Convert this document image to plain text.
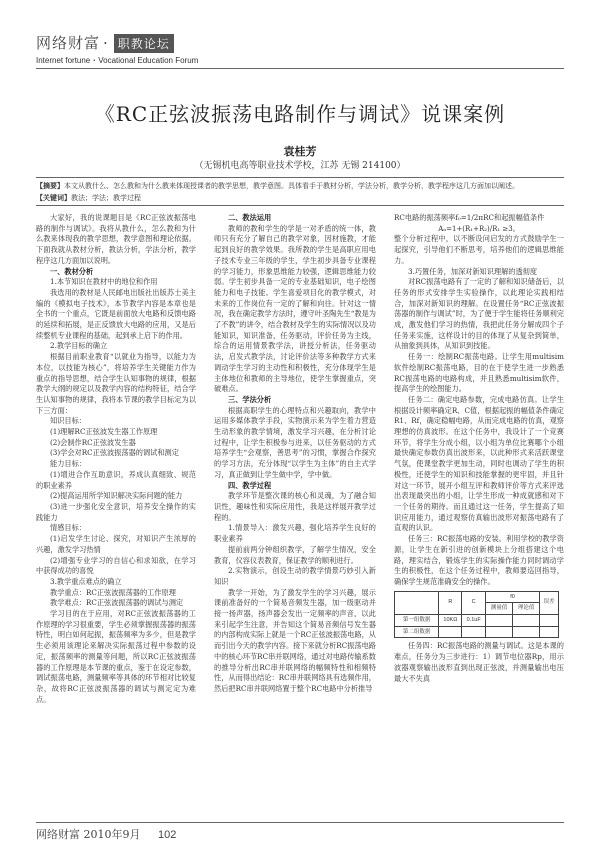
网络财富 · 职教论坛
Internet fortune・Vocational Education Forum
《RC正弦波振荡电路制作与调试》说课案例
袁桂芳
（无锡机电高等职业技术学校，江苏 无锡 214100）
【摘要】本文从教什么、怎么教和为什么教来体现授课者的教学思想，教学意图。具体看手于教材分析，学法分析，教学分析，教学程序这几方面加以阐述。
【关键词】教法；学法；教学过程

大家好，我的说课题目是《RC正弦波振荡电路的制作与调试》。我将从教什么，怎么教和为什么教来体现我的教学思想，教学意图和理论依据。下面我就从教材分析，教法分析，学法分析，教学程序这几方面加以说明。

一、教材分析

1.本节知识在教材中的地位和作用

我选用的教材是人民邮电出版社出版苏士美主编的《模拟电子技术》，本节教学内容是本章也是全书的一个重点，它既是前面放大电路和反馈电路的延续和拓展，是正反馈放大电路的应用，又是后续整机专业课程的基础，起到承上启下的作用。

2.教学目标的确立

根据目前职业教育“以就业为指导，以能力为本位，以技能为核心”，将培养学生关键能力作为重点的指导思想，结合学生认知事物的规律，根据教学大纲的规定以及教学内容的结构特征，结合学生认知事物的规律，我将本节课的教学目标定为以下三方面：

知识目标：

(1)理解RC正弦波发生器工作原理

(2)会制作RC正弦波发生器

(3)学会对RC正弦波振荡器的调试和测定

能力目标：

(1)增进合作互助意识，养成认真细致、规范的职业素养

(2)提高运用所学知识解决实际问题的能力

(3)进一步强化安全意识，培养安全操作的实践能力

情感目标：

(1)启发学生讨论、探究，对知识产生浓厚的兴趣，激发学习热情

(2)增强专业学习的自信心和求知欲，在学习中获得成功的喜悦

3.教学重点难点的确立

教学重点：RC正弦波振荡器的工作原理

教学难点：RC正弦波振荡器的调试与测定

学习目的在于应用，对RC正弦波振荡器的工作原理的学习很重要，学生必须掌握振荡器的振荡特性，明白如何起振，振荡频率为多少，但是教学生必须用该理论来解决实际振荡过程中参数的设定，振荡频率的测量等问题，所以RC正弦波振荡器的工作原理是本节课的重点，鉴于在设定参数，调试振荡电路，测量频率等具体的环节相对比较复杂，故将RC正弦波振荡器的调试与测定定为难点。

二、教法运用

教师的教和学生的学是一对矛盾的统一体，教师只有充分了解自己的教学对象，因材施教，才能起到良好的教学效果。我所教的学生是高职应用电子技术专业三年级的学生，学生初步具备专业课程的学习能力，形象思维能力较强，逻辑思维能力较弱。学生初步具备一定的专业基础知识，电子绘图能力和电子技能。学生喜爱项目化的教学模式，对未来的工作岗位有一定的了解和向往。针对这一情况，我在确定教学方法时，遵守叶圣陶先生“教是为了不教”的讲令，结合教材及学生的实际情况以及功能知识，知识准备，任务驱动，评价任务为主线，综合的运用情景教学法，讲授分析法，任务驱动法，启发式教学法，讨论评价法等多种教学方式来调动学生学习的主动性和积极性，充分体现学生是主体地位和教师的主导地位，使学生掌握重点，突破难点。

三、学法分析

根据高职学生的心理特点和兴趣取向，教学中运用多媒体教学手段，实物演示来为学生着力营造生动形象的教学情境，激发学习兴趣，在分析讨论过程中，让学生积极参与进来，以任务驱动的方式培养学生“会观察，善思考”的习惯，掌握合作探究的学习方法，充分体现“以学生为主体”的自主式学习，真正做到让学生做中学，学中做。

四、教学过程

教学环节是整次课的核心和灵魂，为了融合知识性，趣味性和实际应用性，我是这样展开教学过程的。

1.情景导入：激发兴趣，强化培养学生良好的职业素养

提前前两分钟组织教学，了解学生情况，安全教育，仪容仪表教育，保证教学的顺利进行。

2.实物演示，创设生动的教学情景巧妙引入新知识

教学一开始，为了激发学生的学习兴趣，展示课前准备好的一个简易音频发生器，加一级驱动并接一扬声器，扬声器会发出一定频率的声音，以此来引起学生注意，并告知这个简易音频信号发生器的内部构成实际上就是一个RC正弦波振荡电路，从而引出今天的教学内容。接下来就分析RC振荡电路中的核心环节RC串并联网络，通过对电路传输系数的推导分析出RC串并联网络的幅频特性和相频特性，从而得出结论：RC串并联网络具有选频作用，然后把RC串并联网络置于整个RC电路中分析推导

RC电路的振荡频率f₀=1/2πRC和起振幅值条件

Aᵤ=1+(R₁+R₂)/R₁ ≥3。

整个分析过程中，以不断设问启发的方式鼓励学生一起探究，引导他们不断思考，培养他们的逻辑思维能力。

3.巧置任务，加深对新知识理解的透彻度

对RC振荡电路有了一定的了解和知识储备后，以任务的形式安排学生实验操作，以此理论实践相结合，加深对新知识的理解。在设置任务“RC正弦波振荡器的制作与调试”时，为了便于学生能将任务顺利完成，激发他们学习的热情，我把此任务分解成四个子任务来实施，这样设计的目的体现了从复杂到简单，从抽象到具体，从知识到技能。

任务一：绘制RC振荡电路。让学生用multisim软件绘制RC振荡电路，目的在于使学生进一步熟悉RC振荡电路的电路构成，并且熟悉multisim软件，提高学生的绘图能力。

任务二：确定电路参数，完成电路仿真。让学生根据设计频率确定R、C值，根据起振的幅值条件确定R1、Rf，确定稳幅电路，从而完成电路的仿真，观察理想的仿真波形。在这个任务中，我设计了一个竞赛环节，将学生分成小组，以小组为单位比赛哪个小组最快确定参数仿真出波形来，以此种形式来活跃课堂气氛，使课堂教学更加生动，同时也调动了学生的积极性，还使学生的知识和技能掌握的更牢固，并且针对这一环节，展开小组互评和教师评价等方式来评选出表现最突出的小组，让学生形成一种成就感和对下一个任务的期待。而且通过这一任务，学生提高了知识应用能力，通过观察仿真输出波形对振荡电路有了直观的认识。

任务三：RC振荡电路的安装。利用学校的教学资源，让学生在新引进的创新模块上分组搭建这个电路，理实结合，锻炼学生的实际操作能力同时调动学生的积极性，在这个任务过程中，教师要巡回指导，确保学生规范准确安全的操作。

	R	C	f0		误差
			测量值	理论值	
第一组数据	10KΩ	0.1uF			
第二组数据					

任务四：RC振荡电路的测量与调试。这是本课的难点，任务分为三步进行：1）调节电位器Rp，用示波器观察输出波形直到出现正弦波，并测量输出电压最大不失真

网络财富 2010年9月 102
